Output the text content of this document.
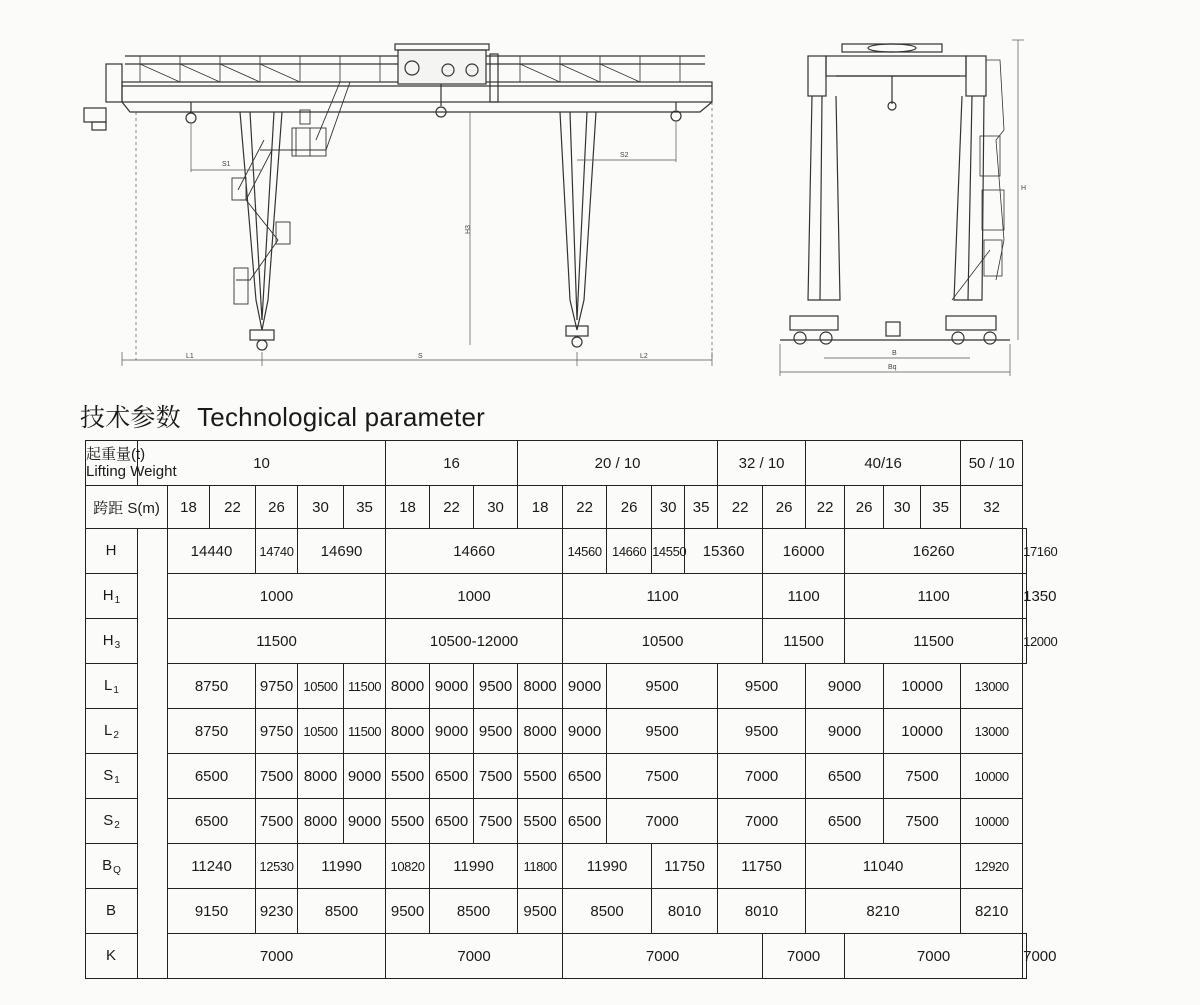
L1	S	L2
S1
S2
H3
H
B
Bq
技术参数 Technological parameter
起重量(t)
Lifting Weight	10						16			20 / 10					32 / 10		40/16				50 / 10	
跨距 S(m)		18	22	26	30	35	18	22	30	18	22	26	30	35	22	26	22	26	30	35	32	
H		14440		14740	14690		14660				14560	14660	14550	15360		16000		16260				17160
$H_1$		1000					1000				1100					1100		1100				1350
$H_3$		11500					10500-12000				10500					11500		11500				12000
$L_1$		8750		9750	10500	11500	8000	9000	9500	8000	9000	9500			9500		9000		10000		13000	
$L_2$		8750		9750	10500	11500	8000	9000	9500	8000	9000	9500			9500		9000		10000		13000	
$S_1$		6500		7500	8000	9000	5500	6500	7500	5500	6500	7500			7000		6500		7500		10000	
$S_2$		6500		7500	8000	9000	5500	6500	7500	5500	6500	7000			7000		6500		7500		10000	
$B_Q$		11240		12530	11990		10820	11990		11800	11990		11750		11750		11040				12920	
B		9150		9230	8500		9500	8500		9500	8500		8010		8010		8210				8210	
K		7000					7000				7000					7000		7000				7000
